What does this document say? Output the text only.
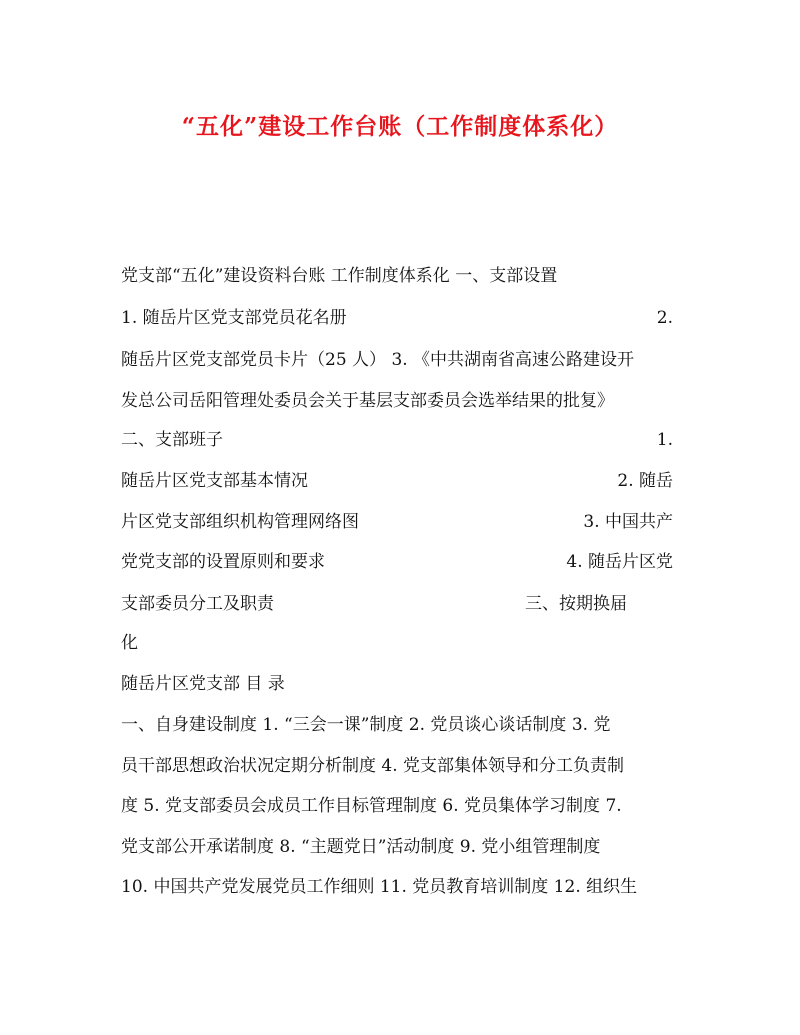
“五化”建设工作台账（工作制度体系化）
党支部“五化”建设资料台账 工作制度体系化 一、支部设置
1. 随岳片区党支部党员花名册	2.
随岳片区党支部党员卡片（25 人） 3. 《中共湖南省高速公路建设开
发总公司岳阳管理处委员会关于基层支部委员会选举结果的批复》
二、支部班子	1.
随岳片区党支部基本情况	2. 随岳
片区党支部组织机构管理网络图	3. 中国共产
党党支部的设置原则和要求	4. 随岳片区党
支部委员分工及职责	三、按期换届
化
随岳片区党支部 目 录
一、自身建设制度 1. “三会一课”制度 2. 党员谈心谈话制度 3. 党
员干部思想政治状况定期分析制度 4. 党支部集体领导和分工负责制
度 5. 党支部委员会成员工作目标管理制度 6. 党员集体学习制度 7.
党支部公开承诺制度 8. “主题党日”活动制度 9. 党小组管理制度
10. 中国共产党发展党员工作细则 11. 党员教育培训制度 12. 组织生
